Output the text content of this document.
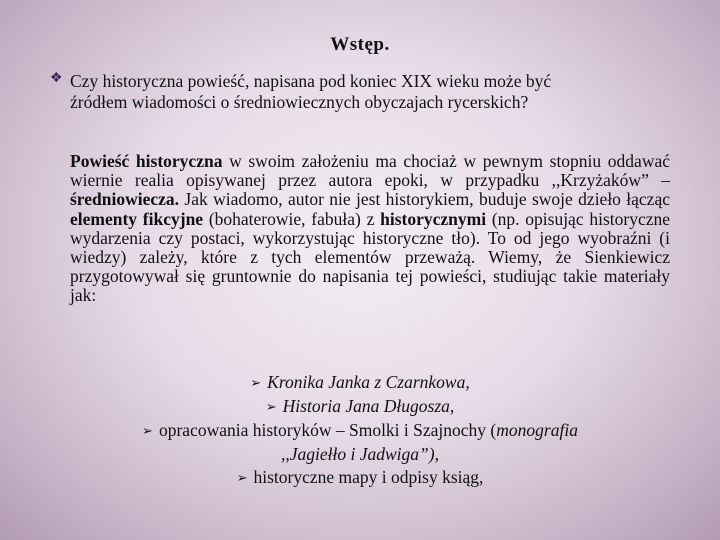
Wstęp.
❖ Czy historyczna powieść, napisana pod koniec XIX wieku może być
źródłem wiadomości o średniowiecznych obyczajach rycerskich?
Powieść historyczna w swoim założeniu ma chociaż w pewnym stopniu oddawać wiernie realia opisywanej przez autora epoki, w przypadku ,,Krzyżaków” – średniowiecza. Jak wiadomo, autor nie jest historykiem, buduje swoje dzieło łącząc elementy fikcyjne (bohaterowie, fabuła) z historycznymi (np. opisując historyczne wydarzenia czy postaci, wykorzystując historyczne tło). To od jego wyobraźni (i wiedzy) zależy, które z tych elementów przeważą. Wiemy, że Sienkiewicz przygotowywał się gruntownie do napisania tej powieści, studiując takie materiały jak:
➢ Kronika Janka z Czarnkowa,
➢ Historia Jana Długosza,
➢ opracowania historyków – Smolki i Szajnochy (monografia
,,Jagiełło i Jadwiga”),
➢ historyczne mapy i odpisy ksiąg,
